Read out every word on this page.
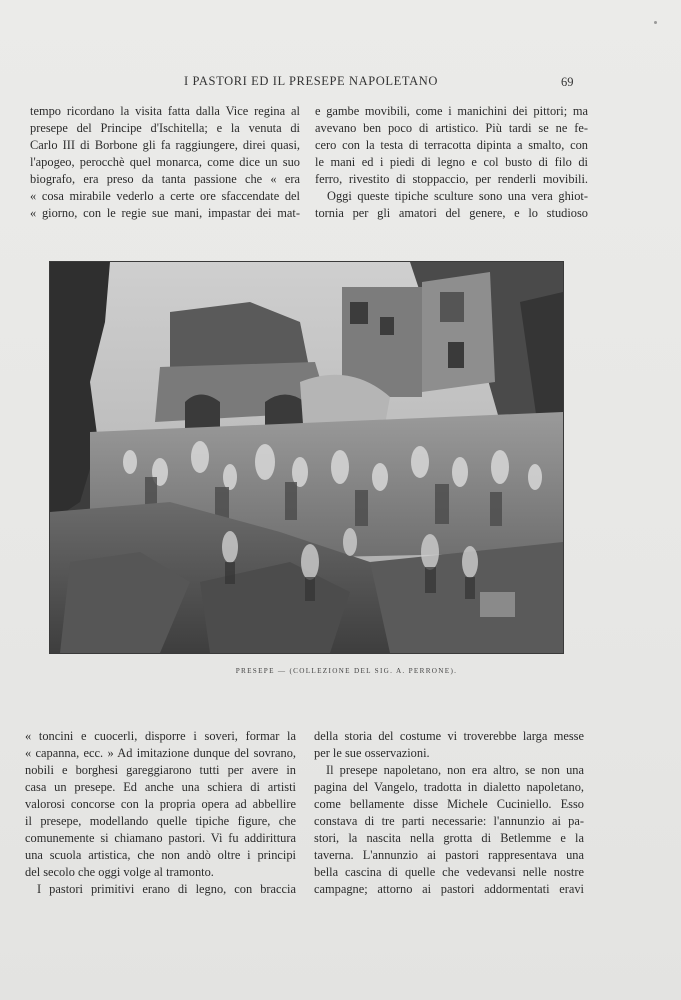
I PASTORI ED IL PRESEPE NAPOLETANO	69
tempo ricordano la visita fatta dalla Vice regina al
presepe del Principe d'Ischitella; e la venuta di
Carlo III di Borbone gli fa raggiungere, direi quasi,
l'apogeo, perocchè quel monarca, come dice un suo
biografo, era preso da tanta passione che « era
« cosa mirabile vederlo a certe ore sfaccendate del
« giorno, con le regie sue mani, impastar dei mat-
e gambe movibili, come i manichini dei pittori; ma
avevano ben poco di artistico. Più tardi se ne fe-
cero con la testa di terracotta dipinta a smalto, con
le mani ed i piedi di legno e col busto di filo di
ferro, rivestito di stoppaccio, per renderli movibili.
Oggi queste tipiche sculture sono una vera ghiot-
tornia per gli amatori del genere, e lo studioso
PRESEPE — (COLLEZIONE DEL SIG. A. PERRONE).
« toncini e cuocerli, disporre i soveri, formar la
« capanna, ecc. » Ad imitazione dunque del sovrano,
nobili e borghesi gareggiarono tutti per avere in
casa un presepe. Ed anche una schiera di artisti
valorosi concorse con la propria opera ad abbellire
il presepe, modellando quelle tipiche figure, che
comunemente si chiamano pastori. Vi fu addirittura
una scuola artistica, che non andò oltre i principi
del secolo che oggi volge al tramonto.
I pastori primitivi erano di legno, con braccia
della storia del costume vi troverebbe larga messe
per le sue osservazioni.
Il presepe napoletano, non era altro, se non una
pagina del Vangelo, tradotta in dialetto napoletano,
come bellamente disse Michele Cuciniello. Esso
constava di tre parti necessarie: l'annunzio ai pa-
stori, la nascita nella grotta di Betlemme e la
taverna. L'annunzio ai pastori rappresentava una
bella cascina di quelle che vedevansi nelle nostre
campagne; attorno ai pastori addormentati eravi
